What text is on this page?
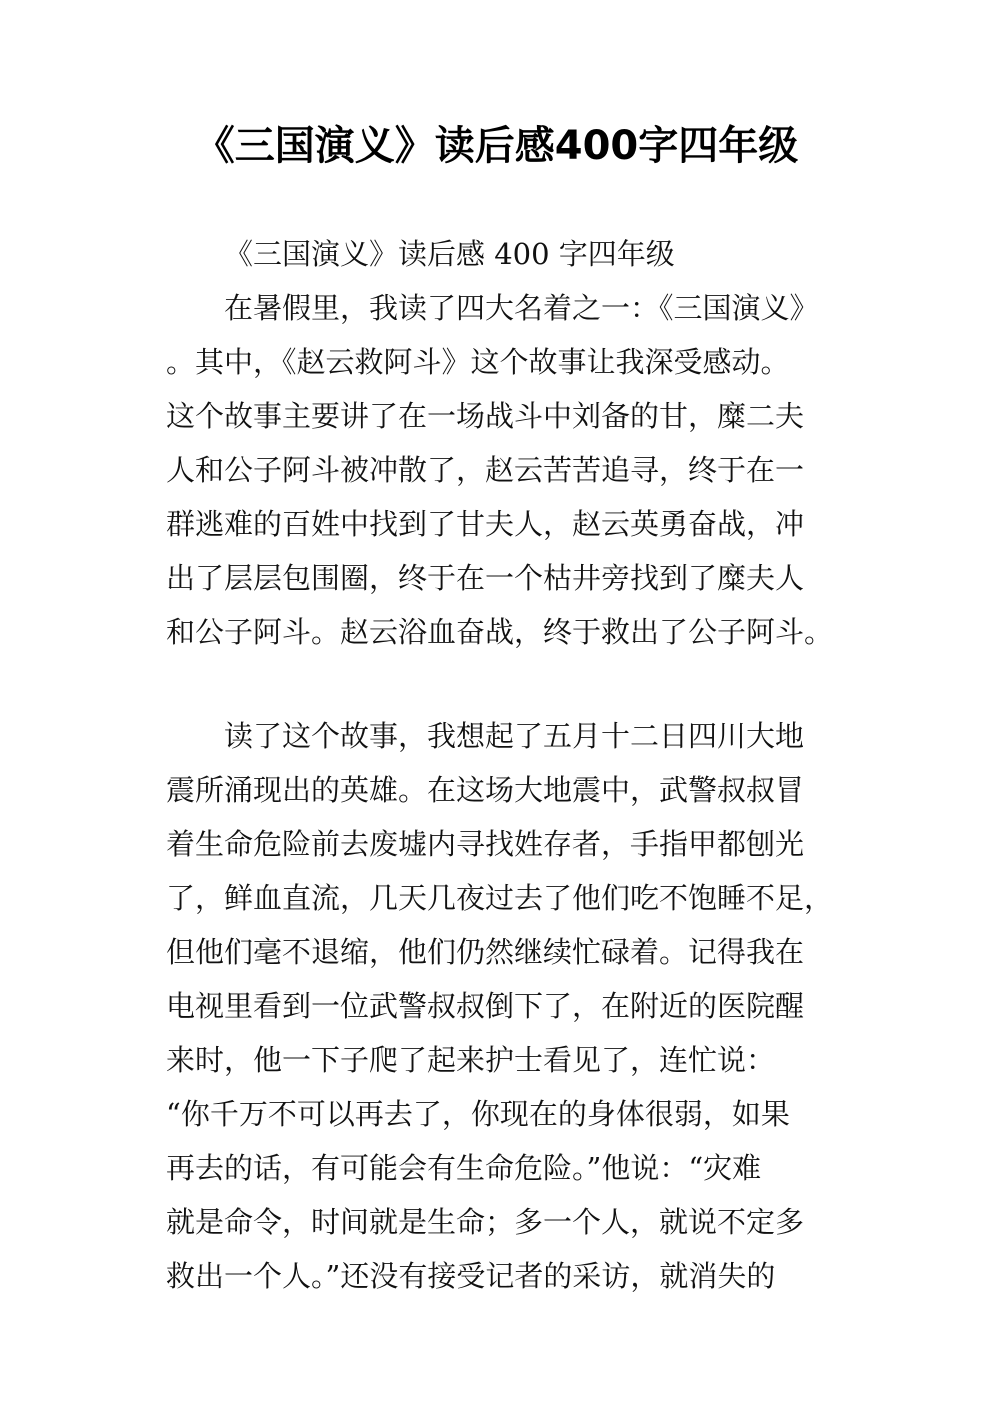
《三国演义》读后感400字四年级
《三国演义》读后感 400 字四年级
在暑假里，我读了四大名着之一：《三国演义》
。其中，《赵云救阿斗》这个故事让我深受感动。
这个故事主要讲了在一场战斗中刘备的甘，糜二夫
人和公子阿斗被冲散了，赵云苦苦追寻，终于在一
群逃难的百姓中找到了甘夫人，赵云英勇奋战，冲
出了层层包围圈，终于在一个枯井旁找到了糜夫人
和公子阿斗。赵云浴血奋战，终于救出了公子阿斗。
读了这个故事，我想起了五月十二日四川大地
震所涌现出的英雄。在这场大地震中，武警叔叔冒
着生命危险前去废墟内寻找姓存者，手指甲都刨光
了，鲜血直流，几天几夜过去了他们吃不饱睡不足，
但他们毫不退缩，他们仍然继续忙碌着。记得我在
电视里看到一位武警叔叔倒下了，在附近的医院醒
来时，他一下子爬了起来护士看见了，连忙说：
“你千万不可以再去了，你现在的身体很弱，如果
再去的话，有可能会有生命危险。”他说：“灾难
就是命令，时间就是生命；多一个人，就说不定多
救出一个人。”还没有接受记者的采访，就消失的
